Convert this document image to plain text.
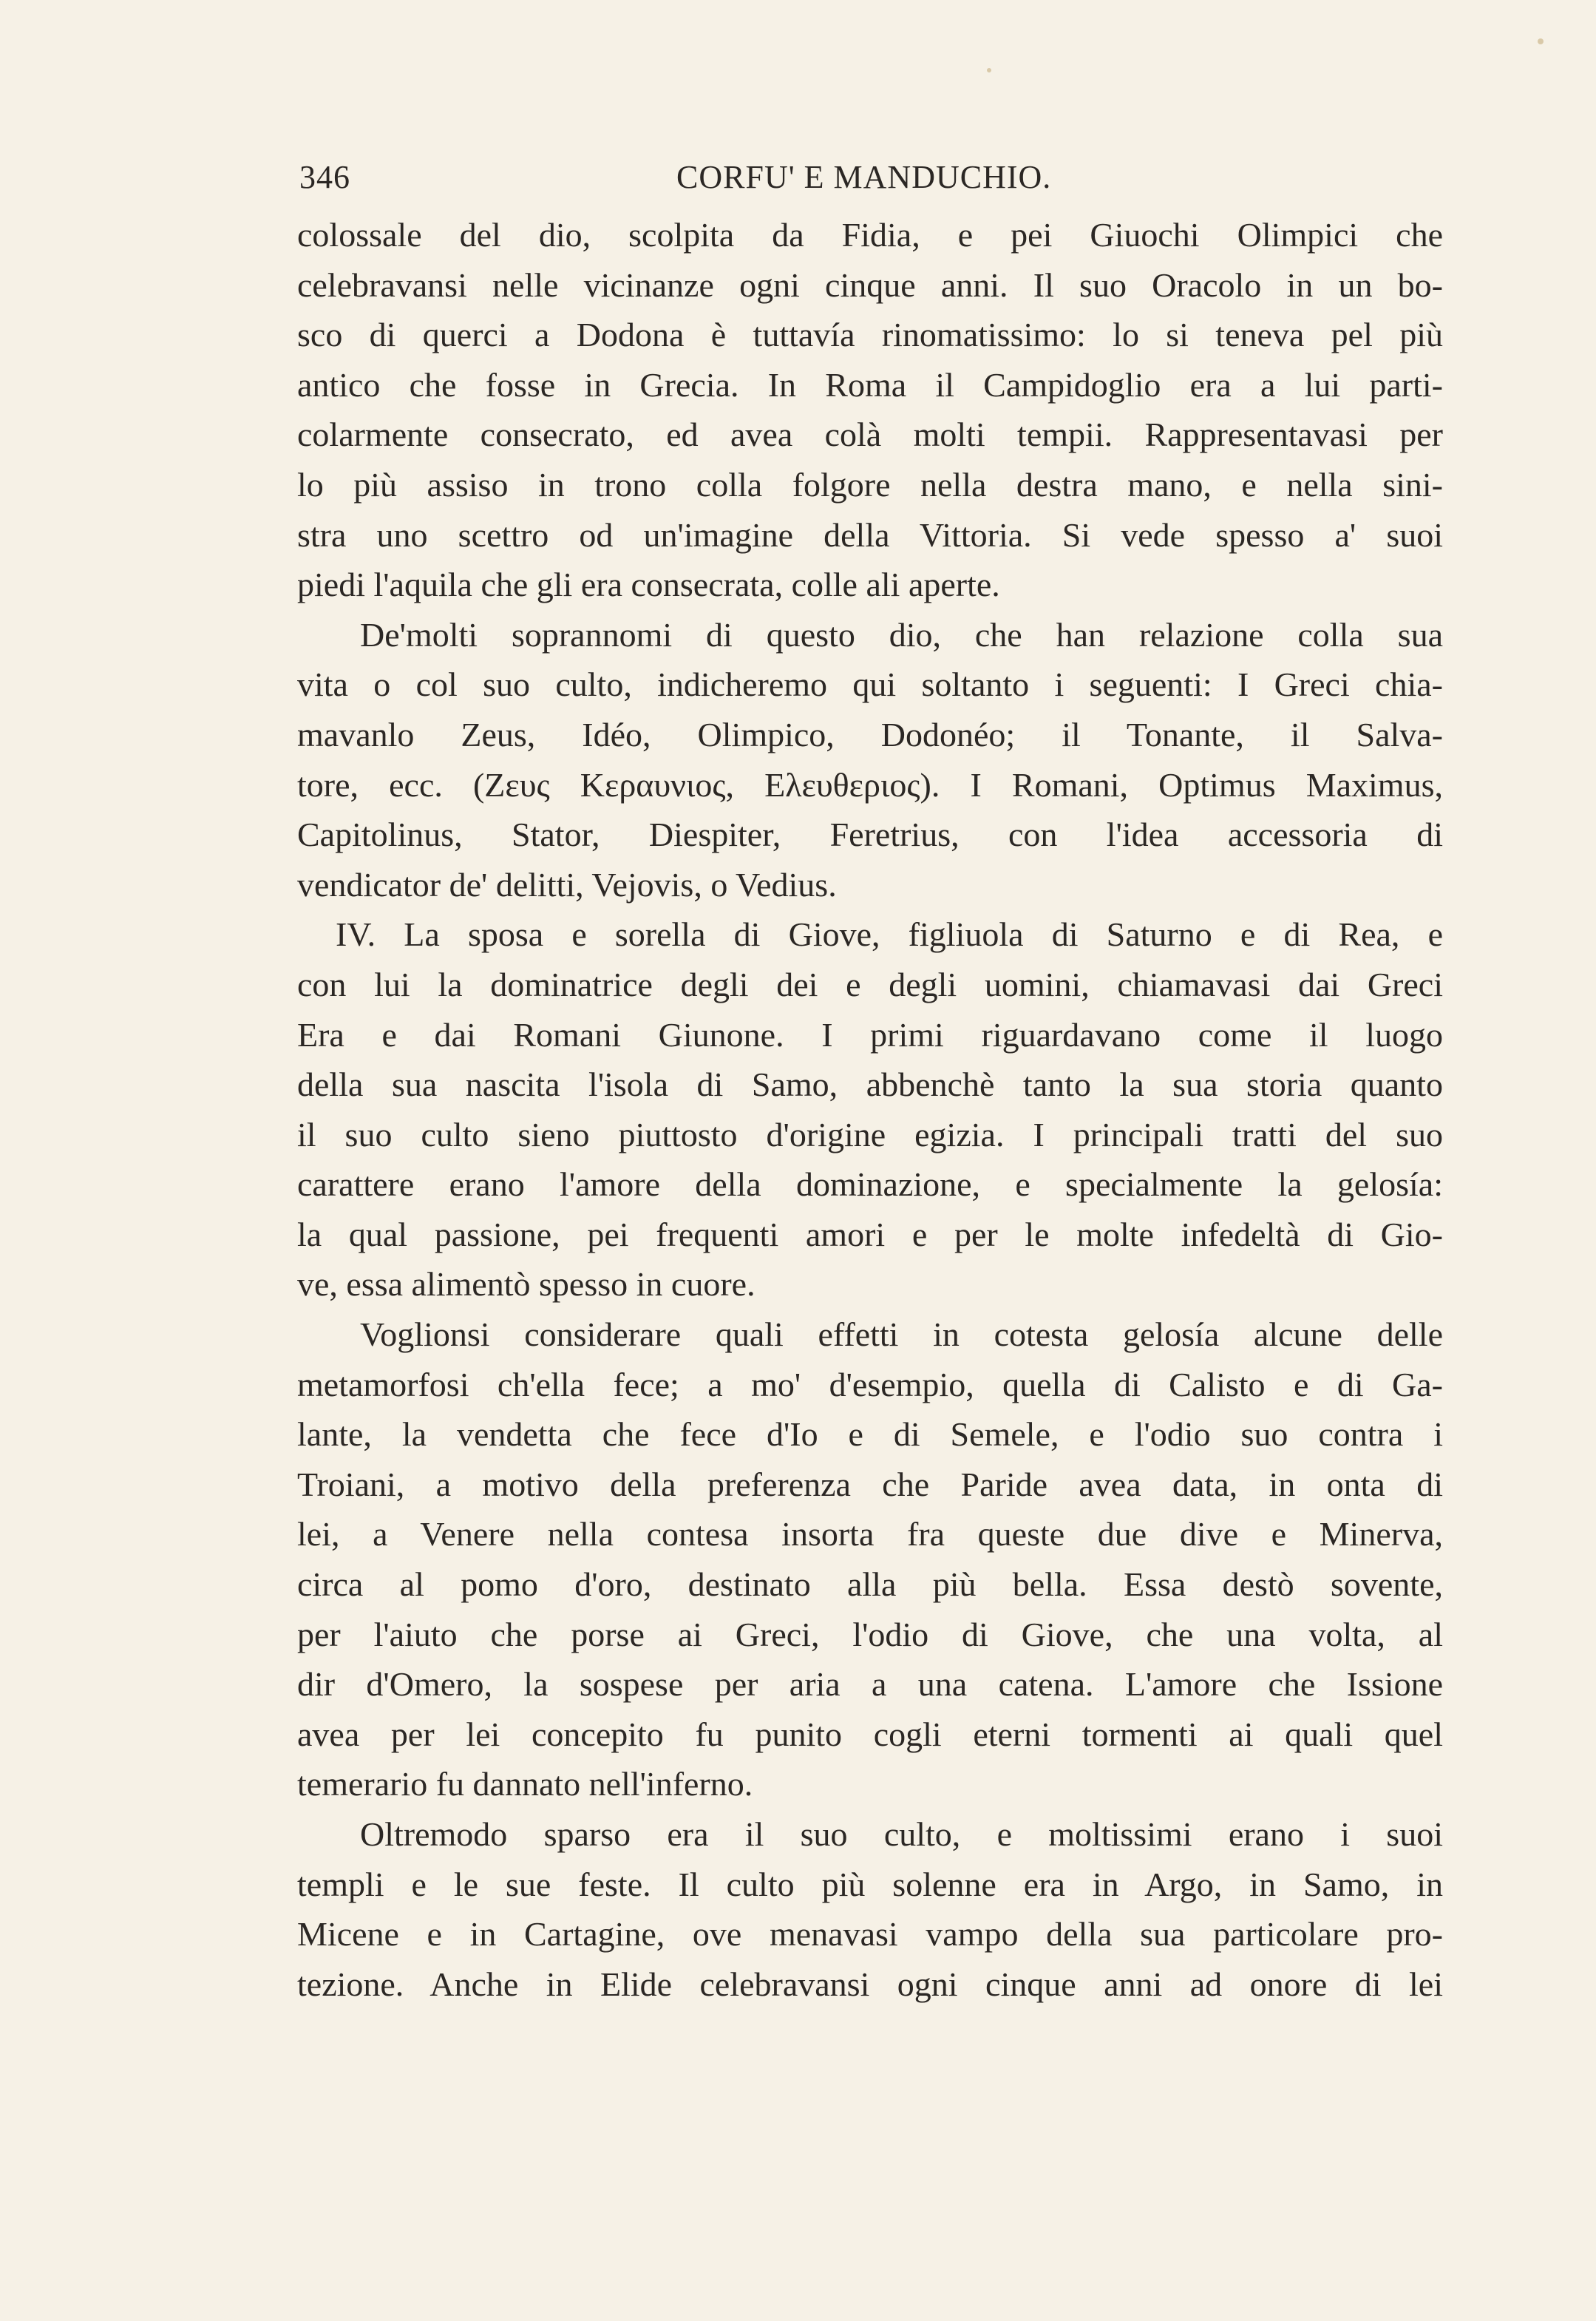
346	CORFU' E MANDUCHIO.
colossale del dio, scolpita da Fidia, e pei Giuochi Olimpici che
celebravansi nelle vicinanze ogni cinque anni. Il suo Oracolo in un bo-
sco di querci a Dodona è tuttavía rinomatissimo: lo si teneva pel più
antico che fosse in Grecia. In Roma il Campidoglio era a lui parti-
colarmente consecrato, ed avea colà molti tempii. Rappresentavasi per
lo più assiso in trono colla folgore nella destra mano, e nella sini-
stra uno scettro od un'imagine della Vittoria. Si vede spesso a' suoi
piedi l'aquila che gli era consecrata, colle ali aperte.
De'molti soprannomi di questo dio, che han relazione colla sua
vita o col suo culto, indicheremo qui soltanto i seguenti: I Greci chia-
mavanlo Zeus, Idéo, Olimpico, Dodonéo; il Tonante, il Salva-
tore, ecc. (Ζευς Κεραυνιος, Ελευθεριος). I Romani, Optimus Maximus,
Capitolinus, Stator, Diespiter, Feretrius, con l'idea accessoria di
vendicator de' delitti, Vejovis, o Vedius.
IV. La sposa e sorella di Giove, figliuola di Saturno e di Rea, e
con lui la dominatrice degli dei e degli uomini, chiamavasi dai Greci
Era e dai Romani Giunone. I primi riguardavano come il luogo
della sua nascita l'isola di Samo, abbenchè tanto la sua storia quanto
il suo culto sieno piuttosto d'origine egizia. I principali tratti del suo
carattere erano l'amore della dominazione, e specialmente la gelosía:
la qual passione, pei frequenti amori e per le molte infedeltà di Gio-
ve, essa alimentò spesso in cuore.
Voglionsi considerare quali effetti in cotesta gelosía alcune delle
metamorfosi ch'ella fece; a mo' d'esempio, quella di Calisto e di Ga-
lante, la vendetta che fece d'Io e di Semele, e l'odio suo contra i
Troiani, a motivo della preferenza che Paride avea data, in onta di
lei, a Venere nella contesa insorta fra queste due dive e Minerva,
circa al pomo d'oro, destinato alla più bella. Essa destò sovente,
per l'aiuto che porse ai Greci, l'odio di Giove, che una volta, al
dir d'Omero, la sospese per aria a una catena. L'amore che Issione
avea per lei concepito fu punito cogli eterni tormenti ai quali quel
temerario fu dannato nell'inferno.
Oltremodo sparso era il suo culto, e moltissimi erano i suoi
templi e le sue feste. Il culto più solenne era in Argo, in Samo, in
Micene e in Cartagine, ove menavasi vampo della sua particolare pro-
tezione. Anche in Elide celebravansi ogni cinque anni ad onore di lei
